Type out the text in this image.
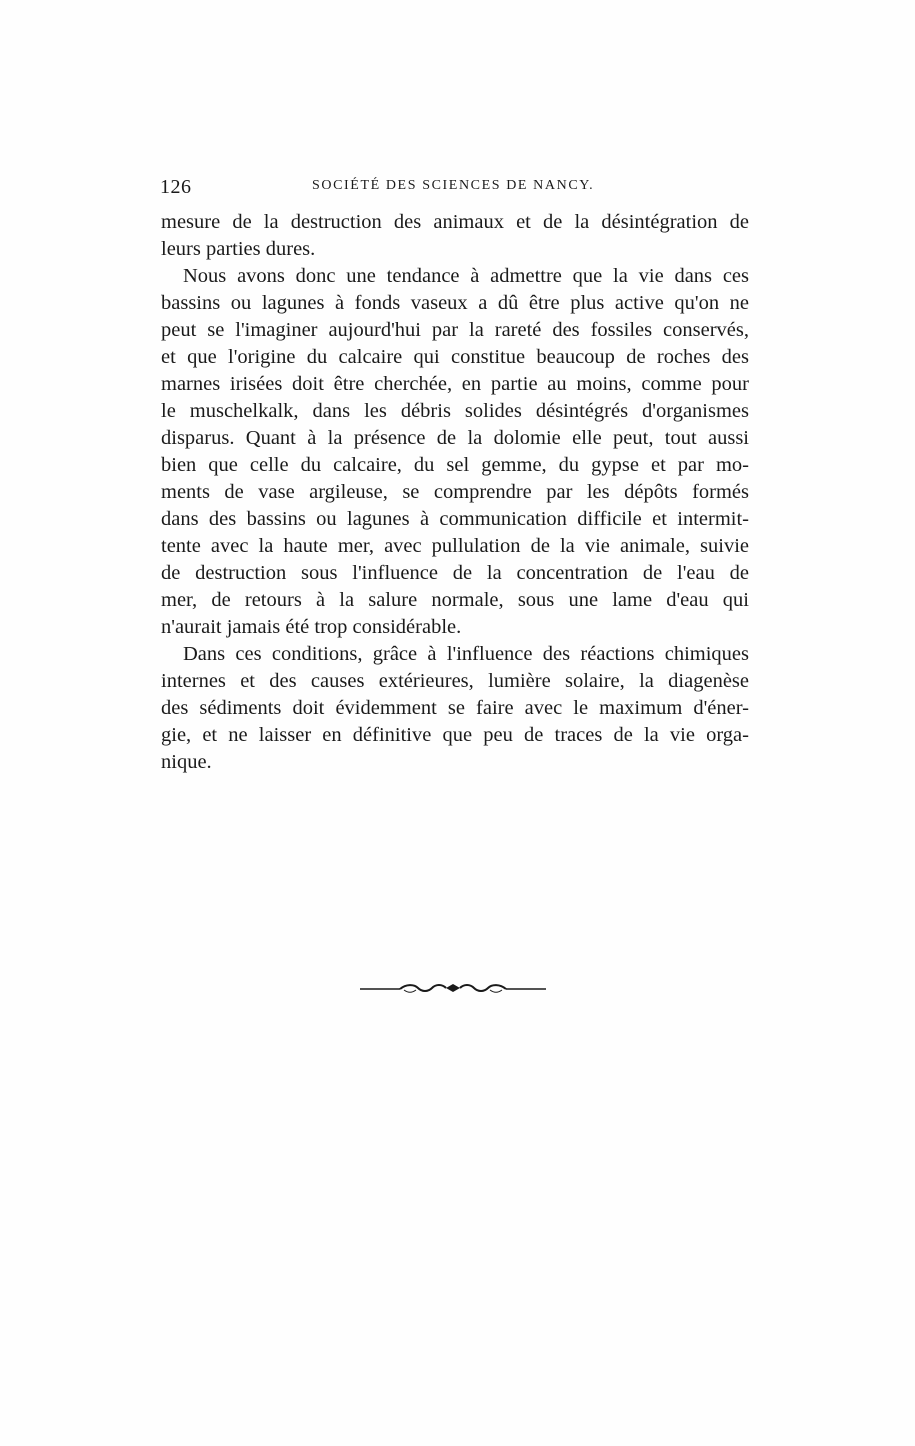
126	SOCIÉTÉ DES SCIENCES DE NANCY.
mesure de la destruction des animaux et de la désintégration de
leurs parties dures.
Nous avons donc une tendance à admettre que la vie dans ces
bassins ou lagunes à fonds vaseux a dû être plus active qu'on ne
peut se l'imaginer aujourd'hui par la rareté des fossiles conservés,
et que l'origine du calcaire qui constitue beaucoup de roches des
marnes irisées doit être cherchée, en partie au moins, comme pour
le muschelkalk, dans les débris solides désintégrés d'organismes
disparus. Quant à la présence de la dolomie elle peut, tout aussi
bien que celle du calcaire, du sel gemme, du gypse et par mo-
ments de vase argileuse, se comprendre par les dépôts formés
dans des bassins ou lagunes à communication difficile et intermit-
tente avec la haute mer, avec pullulation de la vie animale, suivie
de destruction sous l'influence de la concentration de l'eau de
mer, de retours à la salure normale, sous une lame d'eau qui
n'aurait jamais été trop considérable.
Dans ces conditions, grâce à l'influence des réactions chimiques
internes et des causes extérieures, lumière solaire, la diagenèse
des sédiments doit évidemment se faire avec le maximum d'éner-
gie, et ne laisser en définitive que peu de traces de la vie orga-
nique.
